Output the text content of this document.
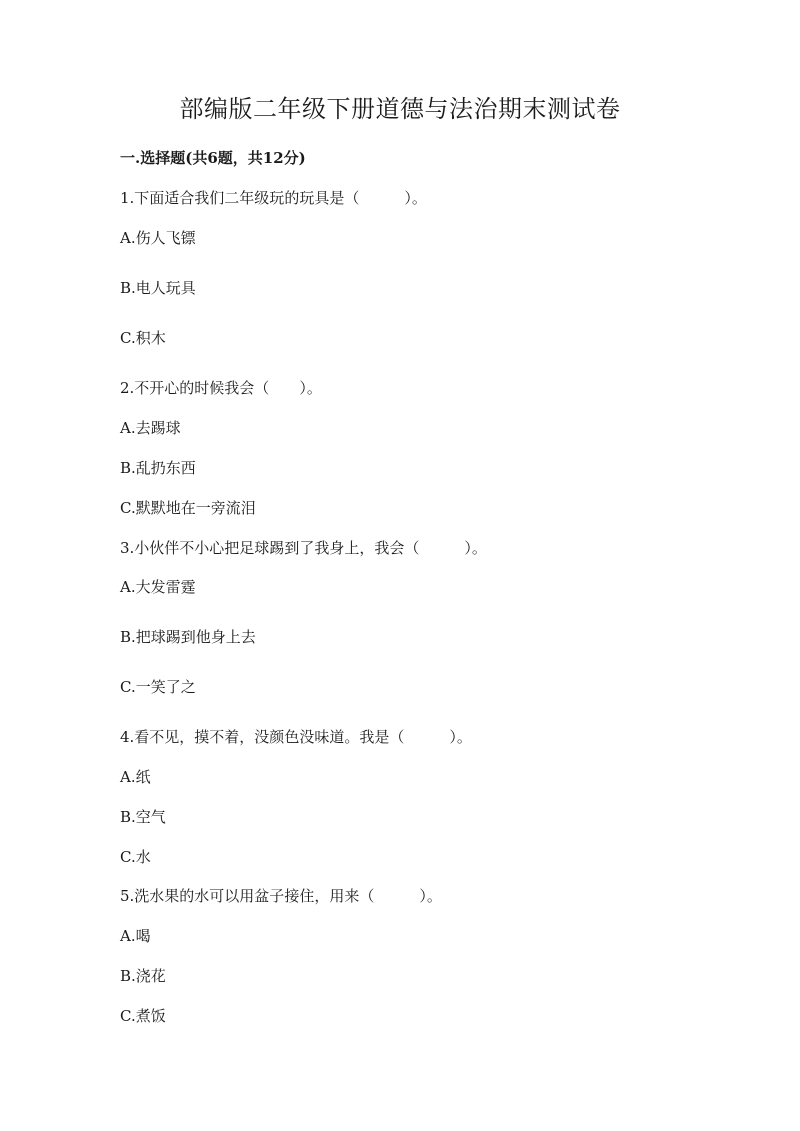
部编版二年级下册道德与法治期末测试卷
一.选择题(共6题，共12分)
1.下面适合我们二年级玩的玩具是（　　　）。
A.伤人飞镖
B.电人玩具
C.积木
2.不开心的时候我会（　　）。
A.去踢球
B.乱扔东西
C.默默地在一旁流泪
3.小伙伴不小心把足球踢到了我身上，我会（　　　）。
A.大发雷霆
B.把球踢到他身上去
C.一笑了之
4.看不见，摸不着，没颜色没味道。我是（　　　）。
A.纸
B.空气
C.水
5.洗水果的水可以用盆子接住，用来（　　　）。
A.喝
B.浇花
C.煮饭
